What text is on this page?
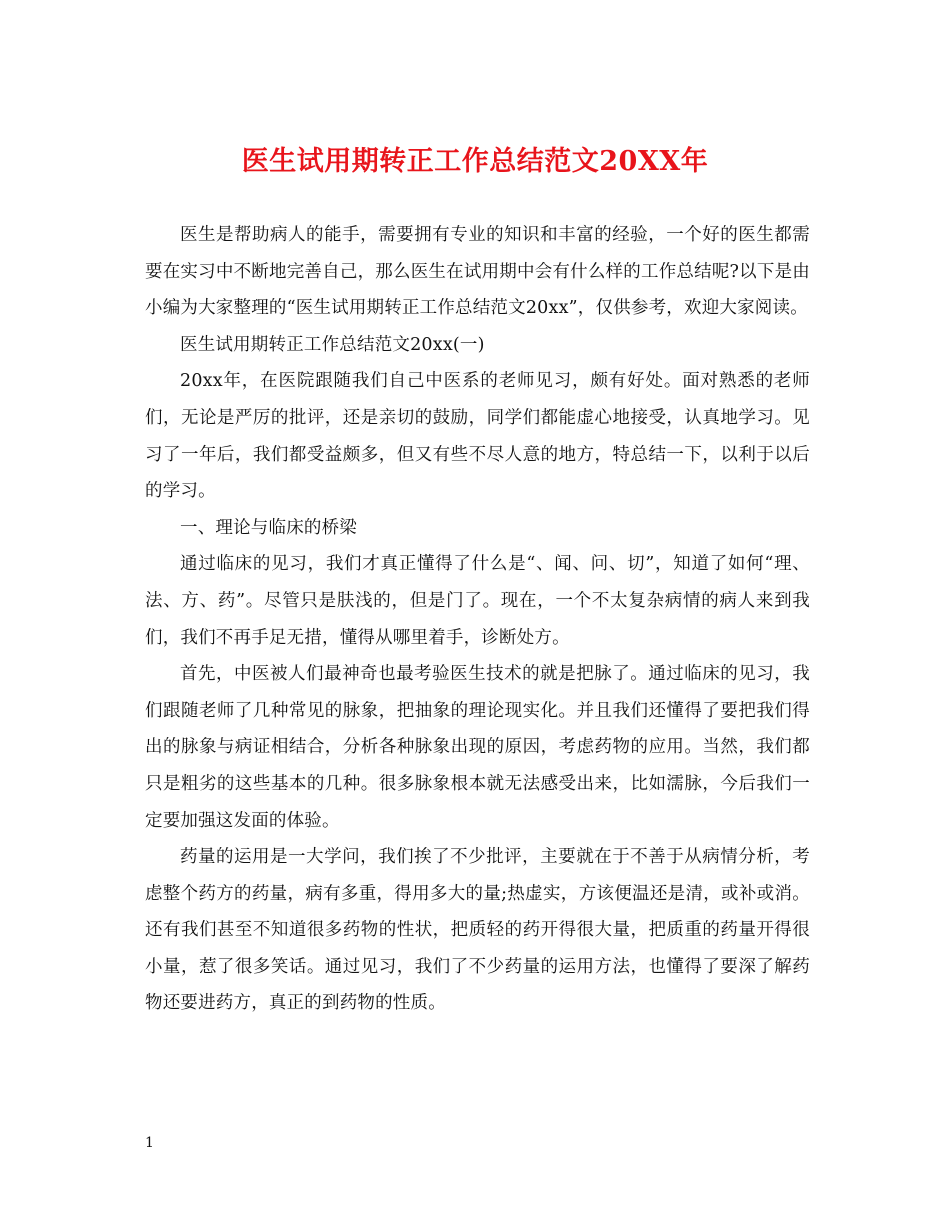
医生试用期转正工作总结范文20XX年

医生是帮助病人的能手，需要拥有专业的知识和丰富的经验，一个好的医生都需要在实习中不断地完善自己，那么医生在试用期中会有什么样的工作总结呢?以下是由小编为大家整理的“医生试用期转正工作总结范文20xx”，仅供参考，欢迎大家阅读。

医生试用期转正工作总结范文20xx(一)

20xx年，在医院跟随我们自己中医系的老师见习，颇有好处。面对熟悉的老师们，无论是严厉的批评，还是亲切的鼓励，同学们都能虚心地接受，认真地学习。见习了一年后，我们都受益颇多，但又有些不尽人意的地方，特总结一下，以利于以后的学习。

一、理论与临床的桥梁

通过临床的见习，我们才真正懂得了什么是“、闻、问、切”，知道了如何“理、法、方、药”。尽管只是肤浅的，但是门了。现在，一个不太复杂病情的病人来到我们，我们不再手足无措，懂得从哪里着手，诊断处方。

首先，中医被人们最神奇也最考验医生技术的就是把脉了。通过临床的见习，我们跟随老师了几种常见的脉象，把抽象的理论现实化。并且我们还懂得了要把我们得出的脉象与病证相结合，分析各种脉象出现的原因，考虑药物的应用。当然，我们都只是粗劣的这些基本的几种。很多脉象根本就无法感受出来，比如濡脉，今后我们一定要加强这发面的体验。

药量的运用是一大学问，我们挨了不少批评，主要就在于不善于从病情分析，考虑整个药方的药量，病有多重，得用多大的量;热虚实，方该便温还是清，或补或消。还有我们甚至不知道很多药物的性状，把质轻的药开得很大量，把质重的药量开得很小量，惹了很多笑话。通过见习，我们了不少药量的运用方法，也懂得了要深了解药物还要进药方，真正的到药物的性质。

1
